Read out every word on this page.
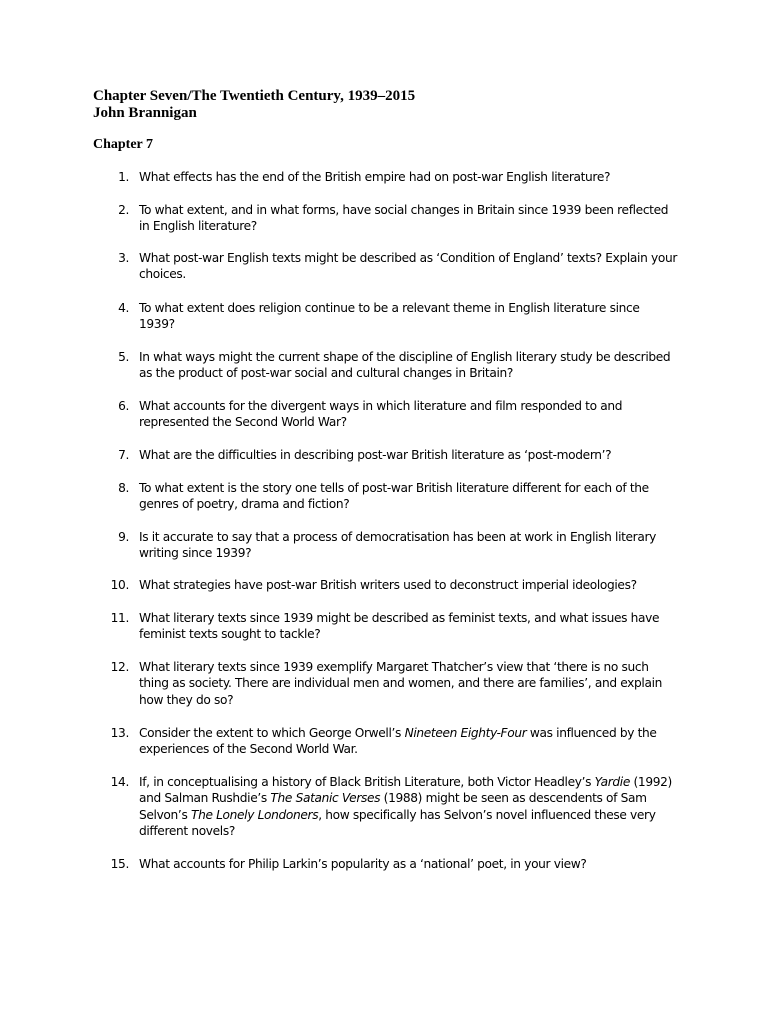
Chapter Seven/The Twentieth Century, 1939–2015
John Brannigan
Chapter 7
1. What effects has the end of the British empire had on post-war English literature?
2. To what extent, and in what forms, have social changes in Britain since 1939 been reflected
in English literature?
3. What post-war English texts might be described as ‘Condition of England’ texts? Explain your
choices.
4. To what extent does religion continue to be a relevant theme in English literature since
1939?
5. In what ways might the current shape of the discipline of English literary study be described
as the product of post-war social and cultural changes in Britain?
6. What accounts for the divergent ways in which literature and film responded to and
represented the Second World War?
7. What are the difficulties in describing post-war British literature as ‘post-modern’?
8. To what extent is the story one tells of post-war British literature different for each of the
genres of poetry, drama and fiction?
9. Is it accurate to say that a process of democratisation has been at work in English literary
writing since 1939?
10. What strategies have post-war British writers used to deconstruct imperial ideologies?
11. What literary texts since 1939 might be described as feminist texts, and what issues have
feminist texts sought to tackle?
12. What literary texts since 1939 exemplify Margaret Thatcher’s view that ‘there is no such
thing as society. There are individual men and women, and there are families’, and explain
how they do so?
13. Consider the extent to which George Orwell’s Nineteen Eighty-Four was influenced by the
experiences of the Second World War.
14. If, in conceptualising a history of Black British Literature, both Victor Headley’s Yardie (1992)
and Salman Rushdie’s The Satanic Verses (1988) might be seen as descendents of Sam
Selvon’s The Lonely Londoners, how specifically has Selvon’s novel influenced these very
different novels?
15. What accounts for Philip Larkin’s popularity as a ‘national’ poet, in your view?
